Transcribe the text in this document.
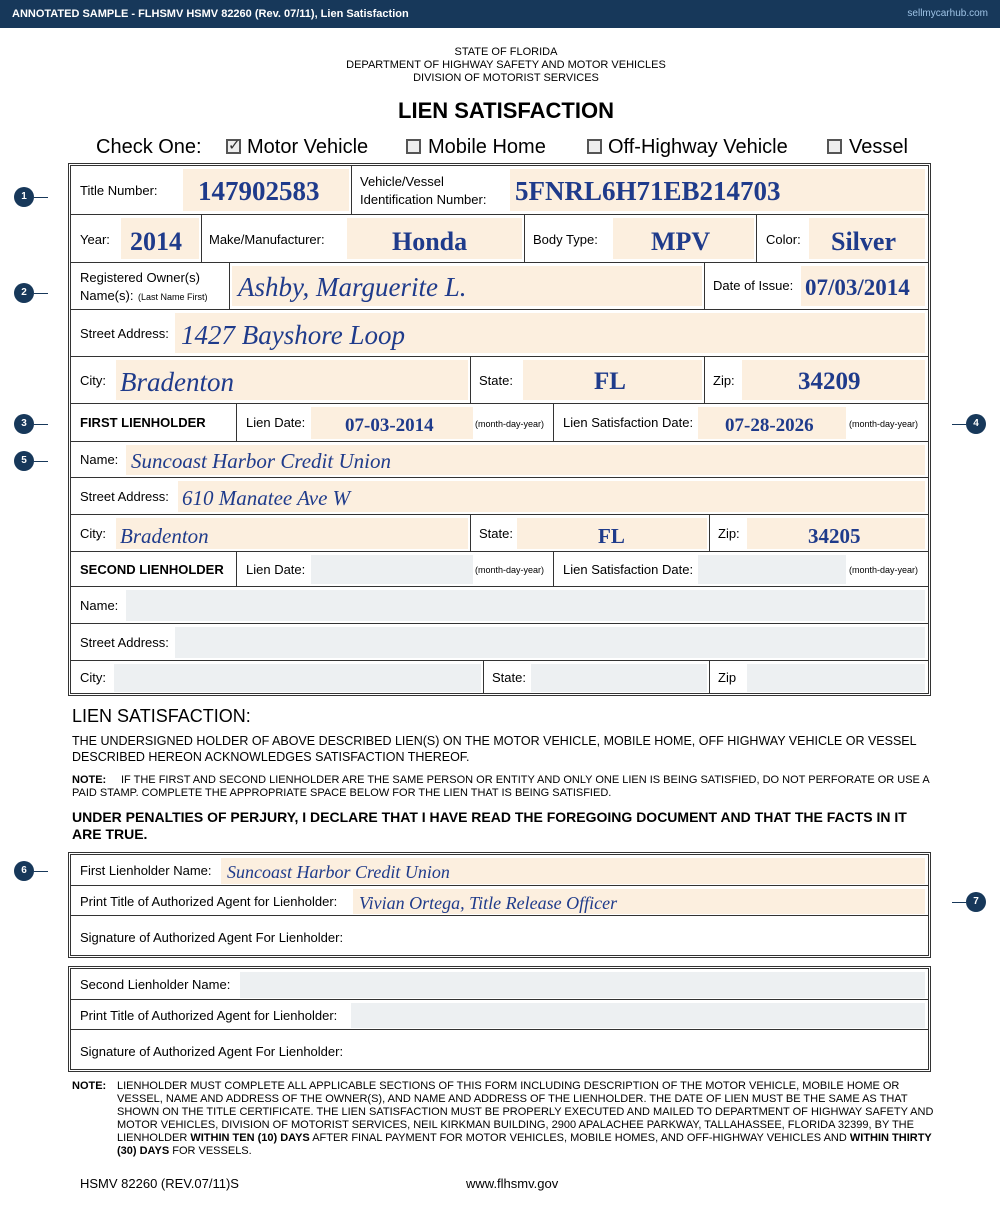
ANNOTATED SAMPLE - FLHSMV HSMV 82260 (Rev. 07/11), Lien Satisfaction	sellmycarhub.com
STATE OF FLORIDA
DEPARTMENT OF HIGHWAY SAFETY AND MOTOR VEHICLES
DIVISION OF MOTORIST SERVICES
LIEN SATISFACTION
Check One:
✓ Motor Vehicle	Mobile Home	Off-Highway Vehicle	Vessel
Title Number: 147902583	Vehicle/Vessel
Identification Number: 5FNRL6H71EB214703
Year: 2014 Make/Manufacturer:	Honda	Body Type: MPV	Color: Silver
Registered Owner(s)
Name(s): (Last Name First) Ashby, Marguerite L.	Date of Issue: 07/03/2014
Street Address: 1427 Bayshore Loop
City: Bradenton	State:	FL	Zip:	34209
FIRST LIENHOLDER	Lien Date: 07-03-2014	(month-day-year) Lien Satisfaction Date: 07-28-2026	(month-day-year)
Name: Suncoast Harbor Credit Union
Street Address: 610 Manatee Ave W
City: Bradenton	State:	FL	Zip:	34205
SECOND LIENHOLDER Lien Date:	(month-day-year) Lien Satisfaction Date:	(month-day-year)
Name:
Street Address:
City:	State:	Zip
1
2
3	4
5
6
7
LIEN SATISFACTION:
THE UNDERSIGNED HOLDER OF ABOVE DESCRIBED LIEN(S) ON THE MOTOR VEHICLE, MOBILE HOME, OFF HIGHWAY VEHICLE OR VESSEL DESCRIBED HEREON ACKNOWLEDGES SATISFACTION THEREOF.
NOTE:	IF THE FIRST AND SECOND LIENHOLDER ARE THE SAME PERSON OR ENTITY AND ONLY ONE LIEN IS BEING SATISFIED, DO NOT PERFORATE OR USE A PAID STAMP. COMPLETE THE APPROPRIATE SPACE BELOW FOR THE LIEN THAT IS BEING SATISFIED.
UNDER PENALTIES OF PERJURY, I DECLARE THAT I HAVE READ THE FOREGOING DOCUMENT AND THAT THE FACTS IN IT ARE TRUE.
First Lienholder Name: Suncoast Harbor Credit Union
Print Title of Authorized Agent for Lienholder: Vivian Ortega, Title Release Officer
Signature of Authorized Agent For Lienholder:
Second Lienholder Name:
Print Title of Authorized Agent for Lienholder:
Signature of Authorized Agent For Lienholder:
NOTE: LIENHOLDER MUST COMPLETE ALL APPLICABLE SECTIONS OF THIS FORM INCLUDING DESCRIPTION OF THE MOTOR VEHICLE, MOBILE HOME OR VESSEL, NAME AND ADDRESS OF THE OWNER(S), AND NAME AND ADDRESS OF THE LIENHOLDER. THE DATE OF LIEN MUST BE THE SAME AS THAT SHOWN ON THE TITLE CERTIFICATE. THE LIEN SATISFACTION MUST BE PROPERLY EXECUTED AND MAILED TO DEPARTMENT OF HIGHWAY SAFETY AND MOTOR VEHICLES, DIVISION OF MOTORIST SERVICES, NEIL KIRKMAN BUILDING, 2900 APALACHEE PARKWAY, TALLAHASSEE, FLORIDA 32399, BY THE LIENHOLDER WITHIN TEN (10) DAYS AFTER FINAL PAYMENT FOR MOTOR VEHICLES, MOBILE HOMES, AND OFF-HIGHWAY VEHICLES AND WITHIN THIRTY (30) DAYS FOR VESSELS.
HSMV 82260 (REV.07/11)S	www.flhsmv.gov
